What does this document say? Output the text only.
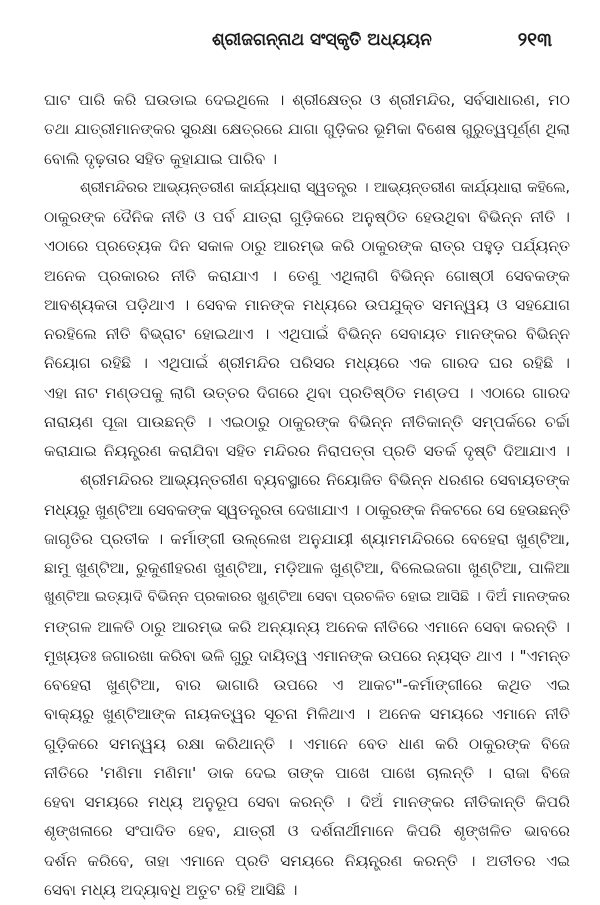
ଶ୍ରୀଜଗନ୍ନାଥ ସଂସ୍କୃତି ଅଧ୍ୟୟନ	୨୧୩
ଘାଟ ପାରି କରି ଘଉଡାଇ ଦେଇଥିଲେ । ଶ୍ରୀକ୍ଷେତ୍ର ଓ ଶ୍ରୀମନ୍ଦିର, ସର୍ବସାଧାରଣ, ମଠ
ତଥା ଯାତ୍ରୀମାନଙ୍କର ସୁରକ୍ଷା କ୍ଷେତ୍ରରେ ଯାଗା ଗୁଡ଼ିକର ଭୂମିକା ବିଶେଷ ଗୁରୁତ୍ୱପୂର୍ଣ୍ଣ ଥିଲା
ବୋଲି ଦୃଢ଼ତାର ସହିତ କୁହାଯାଇ ପାରିବ ।
ଶ୍ରୀମନ୍ଦିରର ଆଭ୍ୟନ୍ତରୀଣ କାର୍ଯ୍ୟଧାରା ସ୍ୱତନ୍ତ୍ର । ଆଭ୍ୟନ୍ତରୀଣ କାର୍ଯ୍ୟଧାରା କହିଲେ,
ଠାକୁରଙ୍କ ଦୈନିକ ନୀତି ଓ ପର୍ବ ଯାତ୍ରା ଗୁଡ଼ିକରେ ଅନୁଷ୍ଠିତ ହେଉଥିବା ବିଭିନ୍ନ ନୀତି ।
ଏଠାରେ ପ୍ରତ୍ୟେକ ଦିନ ସକାଳ ଠାରୁ ଆରମ୍ଭ କରି ଠାକୁରଙ୍କ ରାତ୍ର ପହୁଡ଼ ପର୍ଯ୍ୟନ୍ତ
ଅନେକ ପ୍ରକାରର ନୀତି କରାଯାଏ । ତେଣୁ ଏଥିଲାଗି ବିଭିନ୍ନ ଗୋଷ୍ଠୀ ସେବକଙ୍କ
ଆବଶ୍ୟକତା ପଡ଼ିଥାଏ । ସେବକ ମାନଙ୍କ ମଧ୍ୟରେ ଉପଯୁକ୍ତ ସମନ୍ୱୟ ଓ ସହଯୋଗ
ନରହିଲେ ନୀତି ବିଭ୍ରାଟ ହୋଇଥାଏ । ଏଥିପାଇଁ ବିଭିନ୍ନ ସେବାୟତ ମାନଙ୍କର ବିଭିନ୍ନ
ନିୟୋଗ ରହିଛି । ଏଥିପାଇଁ ଶ୍ରୀମନ୍ଦିର ପରିସର ମଧ୍ୟରେ ଏକ ଗାରଦ ଘର ରହିଛି ।
ଏହା ନାଟ ମଣ୍ଡପକୁ ଲାଗି ଉତ୍ତର ଦିଗରେ ଥିବା ପ୍ରତିଷ୍ଠିତ ମଣ୍ଡପ । ଏଠାରେ ଗାରଦ
ନାରାୟଣ ପୂଜା ପାଉଛନ୍ତି । ଏଇଠାରୁ ଠାକୁରଙ୍କ ବିଭିନ୍ନ ନୀତିକାନ୍ତି ସମ୍ପର୍କରେ ଚର୍ଚ୍ଚା
କରାଯାଇ ନିୟନ୍ତ୍ରଣ କରାଯିବା ସହିତ ମନ୍ଦିରର ନିରାପତ୍ତା ପ୍ରତି ସତର୍କ ଦୃଷ୍ଟି ଦିଆଯାଏ ।
ଶ୍ରୀମନ୍ଦିରର ଆଭ୍ୟନ୍ତରୀଣ ବ୍ୟବସ୍ଥାରେ ନିୟୋଜିତ ବିଭିନ୍ନ ଧରଣର ସେବାୟତଙ୍କ
ମଧ୍ୟରୁ ଖୁଣ୍ଟିଆ ସେବକଙ୍କ ସ୍ୱତନ୍ତ୍ରତା ଦେଖାଯାଏ । ଠାକୁରଙ୍କ ନିକଟରେ ସେ ହେଉଛନ୍ତି
ଜାଗୃତିର ପ୍ରତୀକ । କର୍ମାଙ୍ଗୀ ଉଲ୍ଲେଖ ଅନୁଯାୟୀ ଶ୍ୟାମମନ୍ଦିରରେ ବେହେରା ଖୁଣ୍ଟିଆ,
ଛାମୁ ଖୁଣ୍ଟିଆ, ରୁକୁଣୀହରଣ ଖୁଣ୍ଟିଆ, ମଡ଼ିଆଳ ଖୁଣ୍ଟିଆ, ବିଲେଇଜଗା ଖୁଣ୍ଟିଆ, ପାଳିଆ
ଖୁଣ୍ଟିଆ ଇତ୍ୟାଦି ବିଭିନ୍ନ ପ୍ରକାରର ଖୁଣ୍ଟିଆ ସେବା ପ୍ରଚଳିତ ହୋଇ ଆସିଛି । ଦିଅଁ ମାନଙ୍କର
ମଙ୍ଗଳ ଆଳତି ଠାରୁ ଆରମ୍ଭ କରି ଅନ୍ୟାନ୍ୟ ଅନେକ ନୀତିରେ ଏମାନେ ସେବା କରନ୍ତି ।
ମୁଖ୍ୟତଃ ଜଗାରଖା କରିବା ଭଳି ଗୁରୁ ଦାୟିତ୍ୱ ଏମାନଙ୍କ ଉପରେ ନ୍ୟସ୍ତ ଥାଏ । "ଏମନ୍ତ
ବେହେରା ଖୁଣ୍ଟିଆ, ବାର ଭାଗାରି ଉପରେ ଏ ଆକଟ"-କର୍ମାଙ୍ଗୀରେ କଥିତ ଏଇ
ବାକ୍ୟରୁ ଖୁଣ୍ଟିଆଙ୍କ ନାୟକତ୍ୱର ସୂଚନା ମିଳିଥାଏ । ଅନେକ ସମୟରେ ଏମାନେ ନୀତି
ଗୁଡ଼ିକରେ ସମନ୍ୱୟ ରକ୍ଷା କରିଥାନ୍ତି । ଏମାନେ ବେତ ଧାଣ କରି ଠାକୁରଙ୍କ ବିଜେ
ନୀତିରେ 'ମଣିମା ମଣିମା' ଡାକ ଦେଇ ତାଙ୍କ ପାଖେ ପାଖେ ଚାଲନ୍ତି । ରାଜା ବିଜେ
ହେବା ସମୟରେ ମଧ୍ୟ ଅନୁରୂପ ସେବା କରନ୍ତି । ଦିଅଁ ମାନଙ୍କର ନୀତିକାନ୍ତି କିପରି
ଶୃଙ୍ଖଳାରେ ସଂପାଦିତ ହେବ, ଯାତ୍ରୀ ଓ ଦର୍ଶନାର୍ଥୀମାନେ କିପରି ଶୃଙ୍ଖଳିତ ଭାବରେ
ଦର୍ଶନ କରିବେ, ତାହା ଏମାନେ ପ୍ରତି ସମୟରେ ନିୟନ୍ତ୍ରଣ କରନ୍ତି । ଅତୀତର ଏଇ
ସେବା ମଧ୍ୟ ଅଦ୍ୟାବଧି ଅତୁଟ ରହି ଆସିଛି ।
